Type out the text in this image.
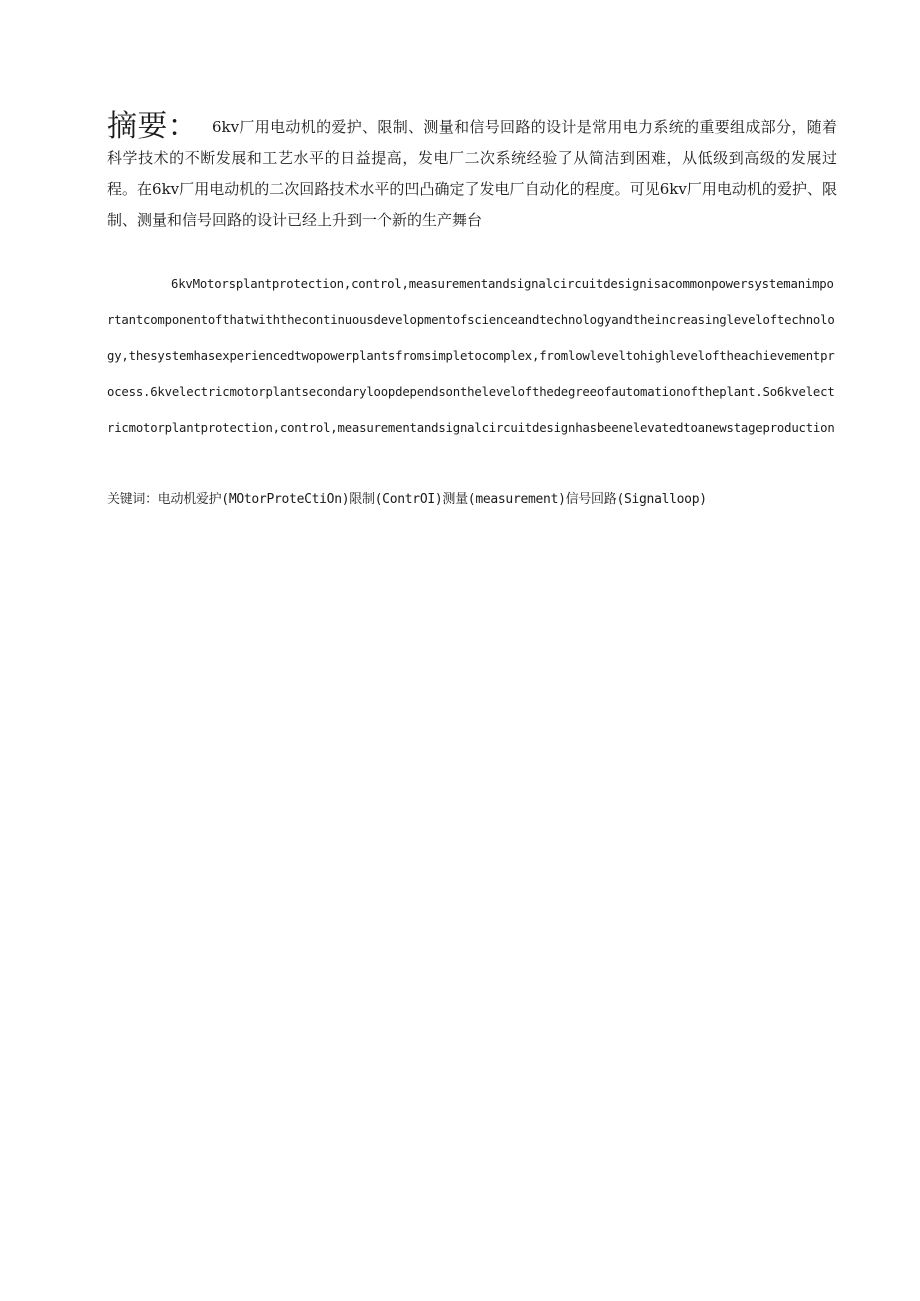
摘要： 6kv厂用电动机的爱护、限制、测量和信号回路的设计是常用电力系统的重要组成部分，随着科学技术的不断发展和工艺水平的日益提高，发电厂二次系统经验了从简洁到困难，从低级到高级的发展过程。在6kv厂用电动机的二次回路技术水平的凹凸确定了发电厂自动化的程度。可见6kv厂用电动机的爱护、限制、测量和信号回路的设计已经上升到一个新的生产舞台

6kvMotorsplantprotection,control,measurementandsignalcircuitdesignisacommonpowersystemanimportantcomponentofthatwiththecontinuousdevelopmentofscienceandtechnologyandtheincreasingleveloftechnology,thesystemhasexperiencedtwopowerplantsfromsimpletocomplex,fromlowleveltohighleveloftheachievementprocess.6kvelectricmotorplantsecondaryloopdependsonthelevelofthedegreeofautomationoftheplant.So6kvelectricmotorplantprotection,control,measurementandsignalcircuitdesignhasbeenelevatedtoanewstageproduction

关键词：电动机爱护(MOtorProteCtiOn)限制(ContrOI)测量(measurement)信号回路(Signalloop)
